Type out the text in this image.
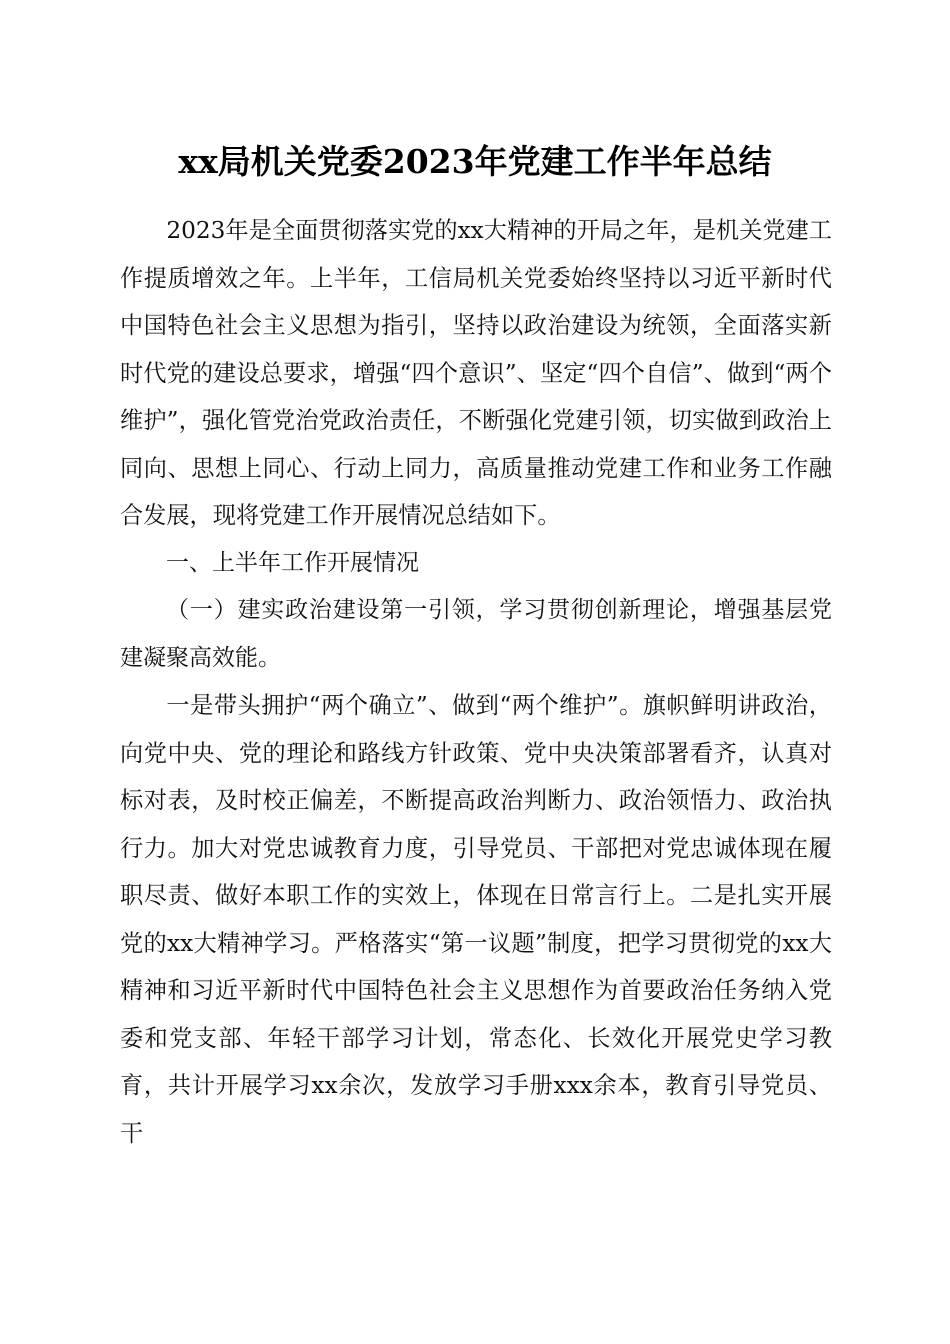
xx局机关党委2023年党建工作半年总结

2023年是全面贯彻落实党的xx大精神的开局之年，是机关党建工作提质增效之年。上半年，工信局机关党委始终坚持以习近平新时代中国特色社会主义思想为指引，坚持以政治建设为统领，全面落实新时代党的建设总要求，增强“四个意识”、坚定“四个自信”、做到“两个维护”，强化管党治党政治责任，不断强化党建引领，切实做到政治上同向、思想上同心、行动上同力，高质量推动党建工作和业务工作融合发展，现将党建工作开展情况总结如下。

一、上半年工作开展情况

（一）建实政治建设第一引领，学习贯彻创新理论，增强基层党建凝聚高效能。

一是带头拥护“两个确立”、做到“两个维护”。旗帜鲜明讲政治，向党中央、党的理论和路线方针政策、党中央决策部署看齐，认真对标对表，及时校正偏差，不断提高政治判断力、政治领悟力、政治执行力。加大对党忠诚教育力度，引导党员、干部把对党忠诚体现在履职尽责、做好本职工作的实效上，体现在日常言行上。二是扎实开展党的xx大精神学习。严格落实“第一议题”制度，把学习贯彻党的xx大精神和习近平新时代中国特色社会主义思想作为首要政治任务纳入党委和党支部、年轻干部学习计划，常态化、长效化开展党史学习教育，共计开展学习xx余次，发放学习手册xxx余本，教育引导党员、干
